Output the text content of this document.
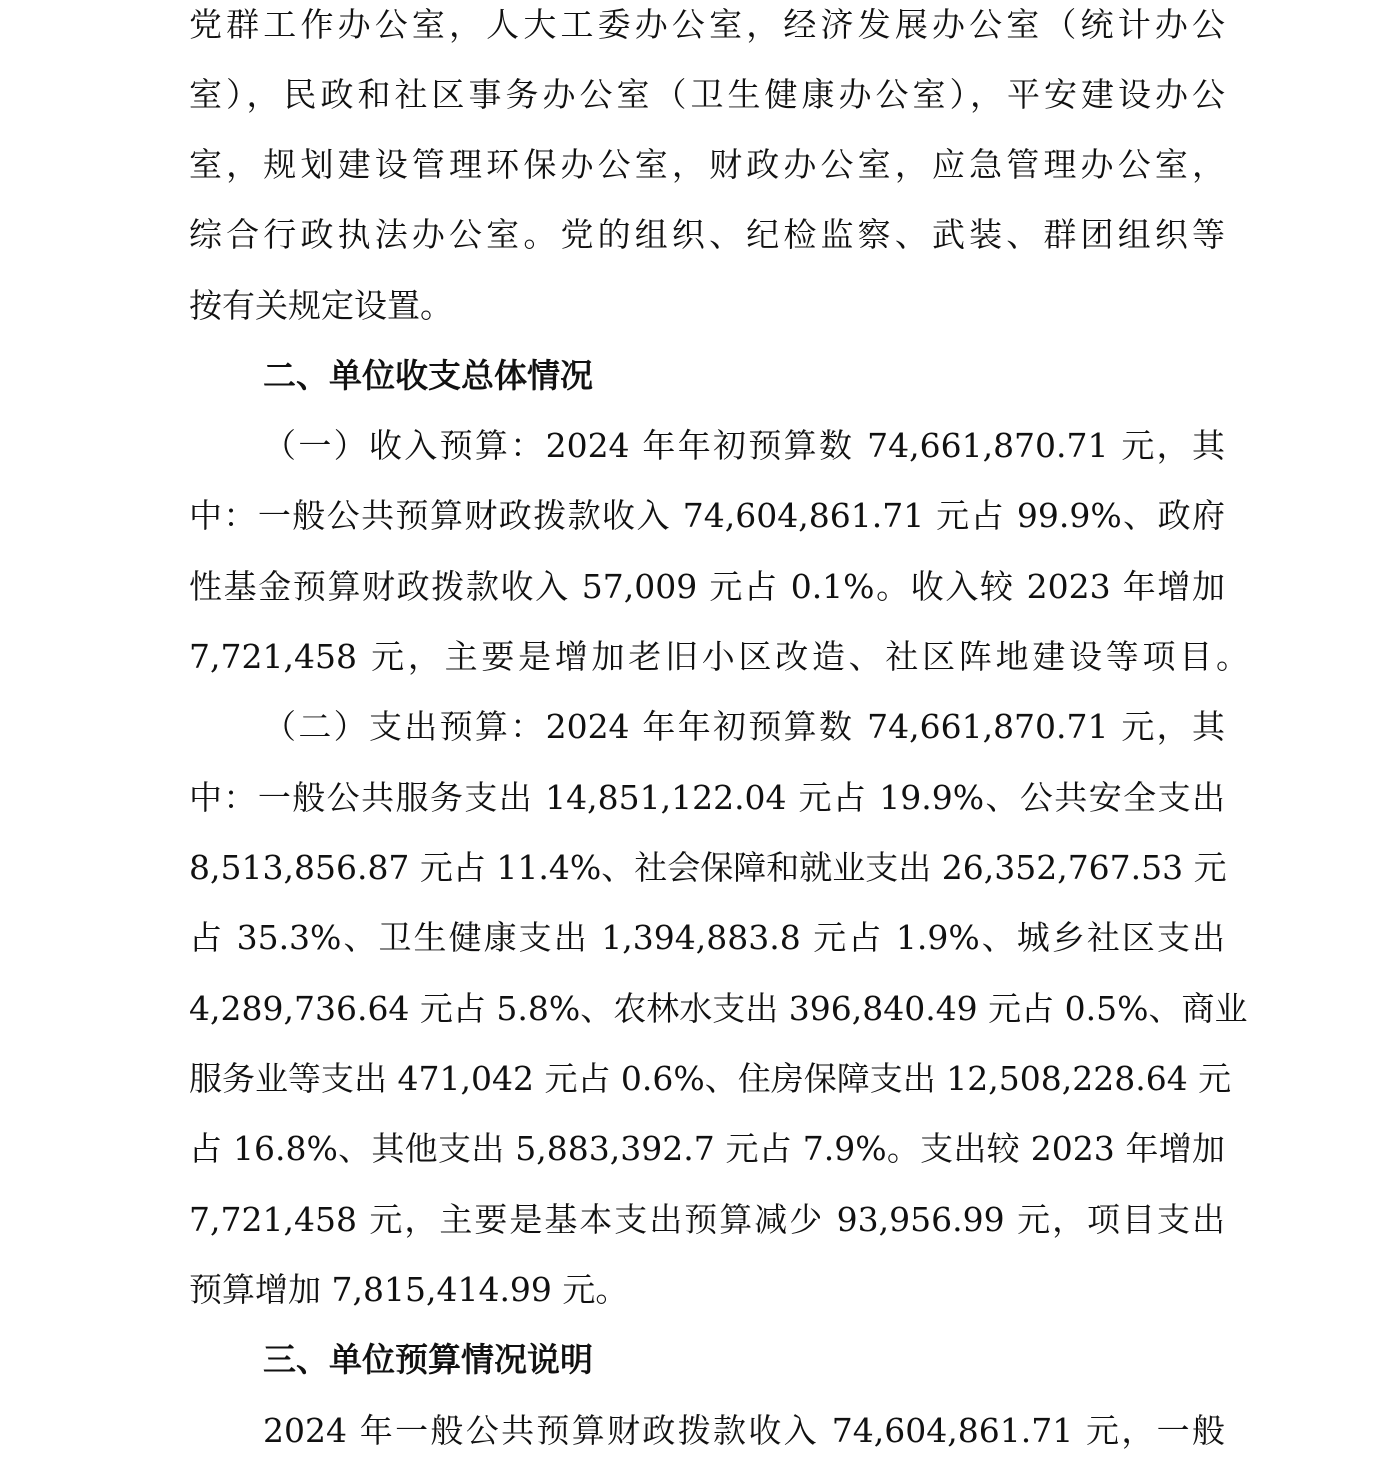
党群工作办公室，人大工委办公室，经济发展办公室（统计办公
室），民政和社区事务办公室（卫生健康办公室），平安建设办公
室，规划建设管理环保办公室，财政办公室，应急管理办公室，
综合行政执法办公室。党的组织、纪检监察、武装、群团组织等
按有关规定设置。
二、单位收支总体情况
（一）收入预算：2024 年年初预算数 74,661,870.71 元，其
中：一般公共预算财政拨款收入 74,604,861.71 元占 99.9%、政府
性基金预算财政拨款收入 57,009 元占 0.1%。收入较 2023 年增加
7,721,458 元，主要是增加老旧小区改造、社区阵地建设等项目。
（二）支出预算：2024 年年初预算数 74,661,870.71 元，其
中：一般公共服务支出 14,851,122.04 元占 19.9%、公共安全支出
8,513,856.87 元占 11.4%、社会保障和就业支出 26,352,767.53 元
占 35.3%、卫生健康支出 1,394,883.8 元占 1.9%、城乡社区支出
4,289,736.64 元占 5.8%、农林水支出 396,840.49 元占 0.5%、商业
服务业等支出 471,042 元占 0.6%、住房保障支出 12,508,228.64 元
占 16.8%、其他支出 5,883,392.7 元占 7.9%。支出较 2023 年增加
7,721,458 元，主要是基本支出预算减少 93,956.99 元，项目支出
预算增加 7,815,414.99 元。
三、单位预算情况说明
2024 年一般公共预算财政拨款收入 74,604,861.71 元，一般
